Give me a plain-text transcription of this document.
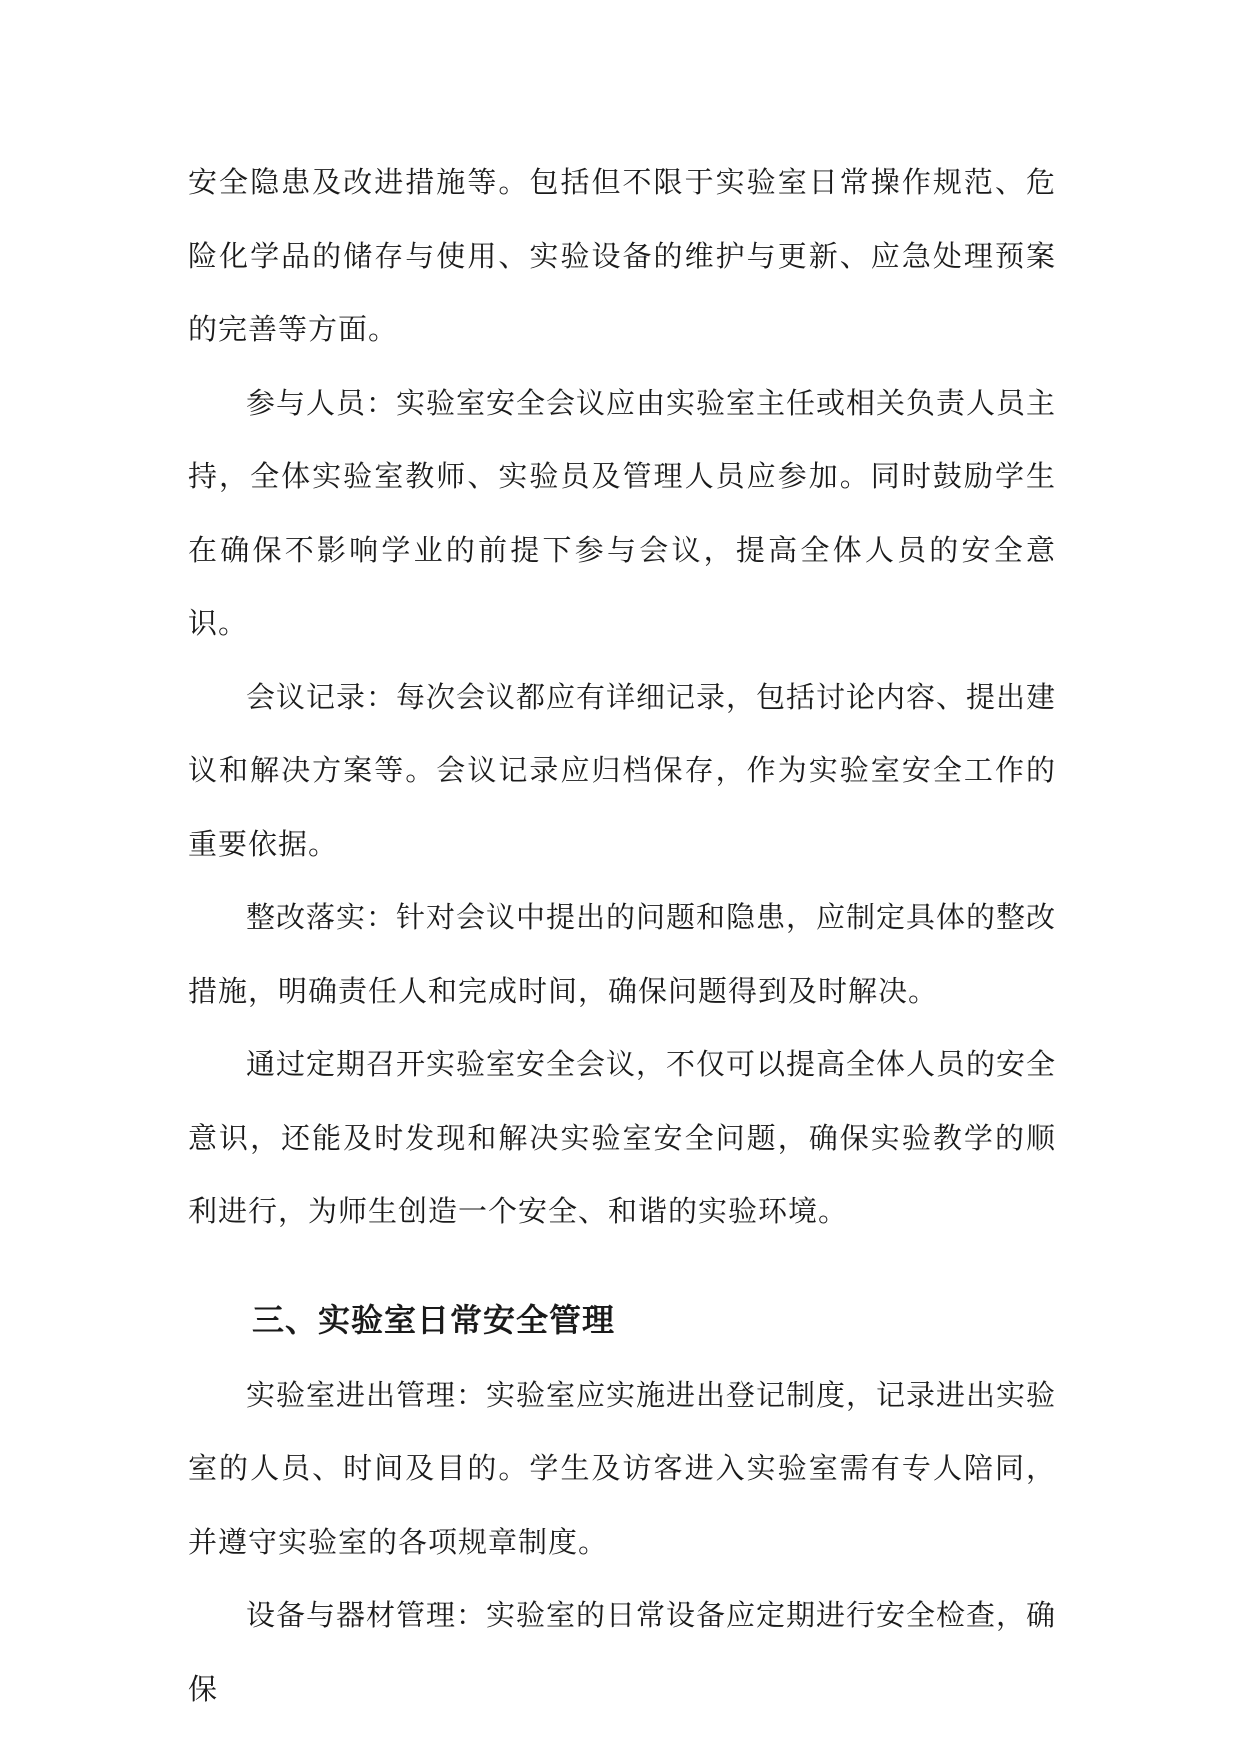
安全隐患及改进措施等。包括但不限于实验室日常操作规范、危险化学品的储存与使用、实验设备的维护与更新、应急处理预案的完善等方面。

参与人员：实验室安全会议应由实验室主任或相关负责人员主持，全体实验室教师、实验员及管理人员应参加。同时鼓励学生在确保不影响学业的前提下参与会议，提高全体人员的安全意识。

会议记录：每次会议都应有详细记录，包括讨论内容、提出建议和解决方案等。会议记录应归档保存，作为实验室安全工作的重要依据。

整改落实：针对会议中提出的问题和隐患，应制定具体的整改措施，明确责任人和完成时间，确保问题得到及时解决。

通过定期召开实验室安全会议，不仅可以提高全体人员的安全意识，还能及时发现和解决实验室安全问题，确保实验教学的顺利进行，为师生创造一个安全、和谐的实验环境。

三、实验室日常安全管理

实验室进出管理：实验室应实施进出登记制度，记录进出实验室的人员、时间及目的。学生及访客进入实验室需有专人陪同，并遵守实验室的各项规章制度。

设备与器材管理：实验室的日常设备应定期进行安全检查，确保
